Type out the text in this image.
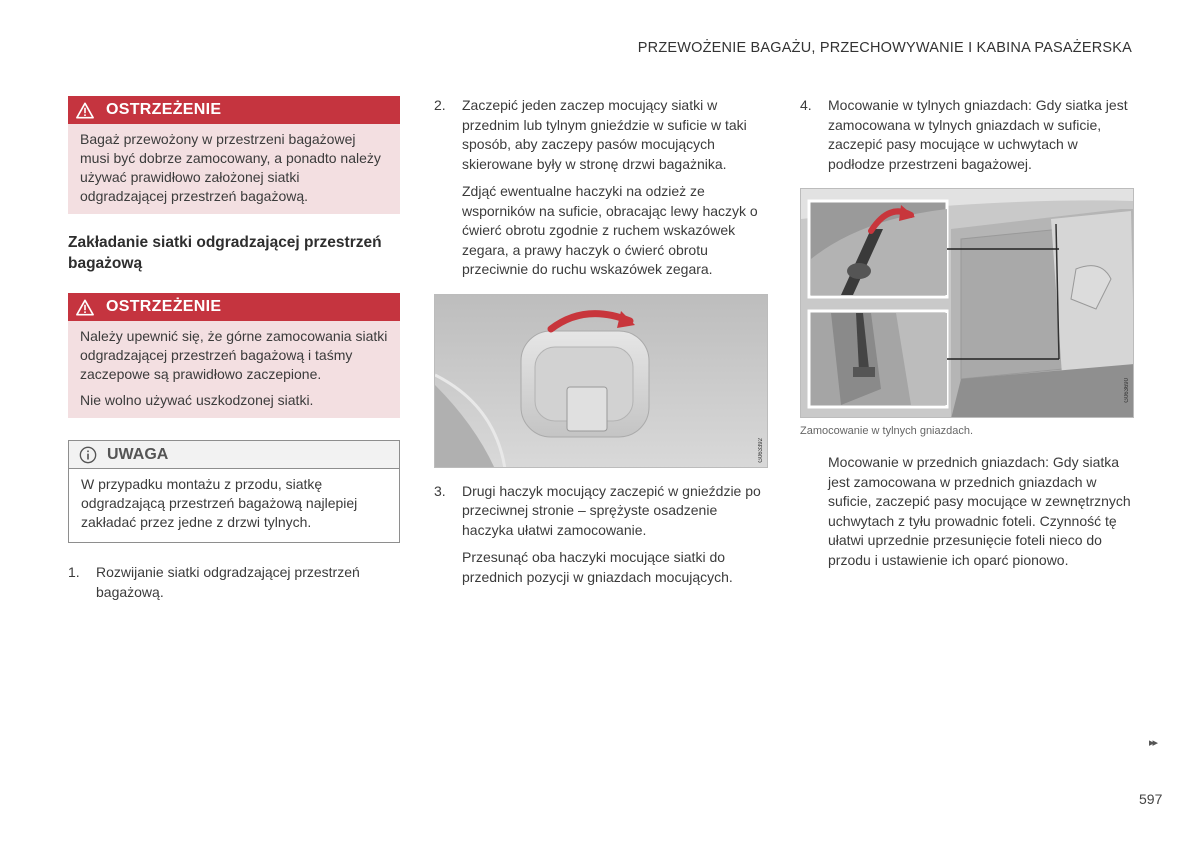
PRZEWOŻENIE BAGAŻU, PRZECHOWYWANIE I KABINA PASAŻERSKA
OSTRZEŻENIE

Bagaż przewożony w przestrzeni bagażowej musi być dobrze zamocowany, a ponadto należy używać prawidłowo założonej siatki odgradzającej przestrzeń bagażową.

Zakładanie siatki odgradzającej przestrzeń bagażową
OSTRZEŻENIE

Należy upewnić się, że górne zamocowania siatki odgradzającej przestrzeń bagażową i taśmy zaczepowe są prawidłowo zaczepione.

Nie wolno używać uszkodzonej siatki.

UWAGA
W przypadku montażu z przodu, siatkę odgradzającą przestrzeń bagażową najlepiej zakładać przez jedne z drzwi tylnych.
1.	Rozwijanie siatki odgradzającej przestrzeń bagażową.
2.	Zaczepić jeden zaczep mocujący siatki w przednim lub tylnym gnieździe w suficie w taki sposób, aby zaczepy pasów mocujących skierowane były w stronę drzwi bagażnika.
Zdjąć ewentualne haczyki na odzież ze wsporników na suficie, obracając lewy haczyk o ćwierć obrotu zgodnie z ruchem wskazówek zegara, a prawy haczyk o ćwierć obrotu przeciwnie do ruchu wskazówek zegara.
G063392
3.	Drugi haczyk mocujący zaczepić w gnieździe po przeciwnej stronie – sprężyste osadzenie haczyka ułatwi zamocowanie.
Przesunąć oba haczyki mocujące siatki do przednich pozycji w gniazdach mocujących.
4.	Mocowanie w tylnych gniazdach: Gdy siatka jest zamocowana w tylnych gniazdach w suficie, zaczepić pasy mocujące w uchwytach w podłodze przestrzeni bagażowej.
G063690
Zamocowanie w tylnych gniazdach.
Mocowanie w przednich gniazdach: Gdy siatka jest zamocowana w przednich gniazdach w suficie, zaczepić pasy mocujące w zewnętrznych uchwytach z tyłu prowadnic foteli. Czynność tę ułatwi uprzednie przesunięcie foteli nieco do przodu i ustawienie ich oparć pionowo.
▸▸
597
